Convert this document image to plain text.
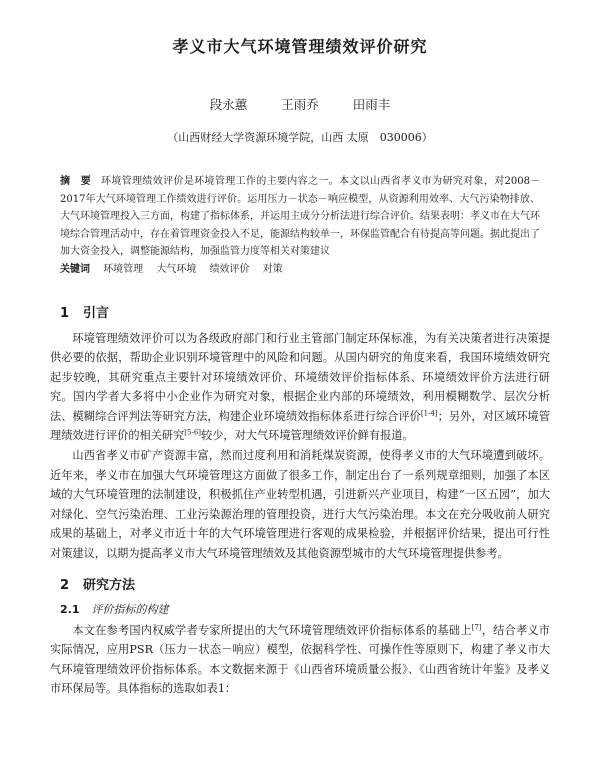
孝义市大气环境管理绩效评价研究
段永蕙	王雨乔	田雨丰
（山西财经大学资源环境学院，山西 太原　030006）
摘　要 环境管理绩效评价是环境管理工作的主要内容之一。本文以山西省孝义市为研究对象，对2008－2017年大气环境管理工作绩效进行评价。运用压力－状态－响应模型，从资源利用效率、大气污染物排放、大气环境管理投入三方面，构建了指标体系，并运用主成分分析法进行综合评价。结果表明：孝义市在大气环境综合管理活动中，存在着管理资金投入不足，能源结构较单一，环保监管配合有待提高等问题。据此提出了加大资金投入，调整能源结构，加强监管力度等相关对策建议
关键词 环境管理 大气环境 绩效评价 对策
1 引言

环境管理绩效评价可以为各级政府部门和行业主管部门制定环保标准，为有关决策者进行决策提供必要的依据，帮助企业识别环境管理中的风险和问题。从国内研究的角度来看，我国环境绩效研究起步较晚，其研究重点主要针对环境绩效评价、环境绩效评价指标体系、环境绩效评价方法进行研究。国内学者大多将中小企业作为研究对象，根据企业内部的环境绩效，利用模糊数学、层次分析法、模糊综合评判法等研究方法，构建企业环境绩效指标体系进行综合评价[1-4]；另外，对区域环境管理绩效进行评价的相关研究[5-6]较少，对大气环境管理绩效评价鲜有报道。

山西省孝义市矿产资源丰富，然而过度利用和消耗煤炭资源，使得孝义市的大气环境遭到破坏。近年来，孝义市在加强大气环境管理这方面做了很多工作，制定出台了一系列规章细则，加强了本区域的大气环境管理的法制建设，积极抓住产业转型机遇，引进新兴产业项目，构建“一区五园”，加大对绿化、空气污染治理、工业污染源治理的管理投资，进行大气污染治理。本文在充分吸收前人研究成果的基础上，对孝义市近十年的大气环境管理进行客观的成果检验，并根据评价结果，提出可行性对策建议，以期为提高孝义市大气环境管理绩效及其他资源型城市的大气环境管理提供参考。

2 研究方法
2.1 评价指标的构建

本文在参考国内权威学者专家所提出的大气环境管理绩效评价指标体系的基础上[7]，结合孝义市实际情况，应用PSR（压力－状态－响应）模型，依据科学性、可操作性等原则下，构建了孝义市大气环境管理绩效评价指标体系。本文数据来源于《山西省环境质量公报》、《山西省统计年鉴》及孝义市环保局等。具体指标的选取如表1：
